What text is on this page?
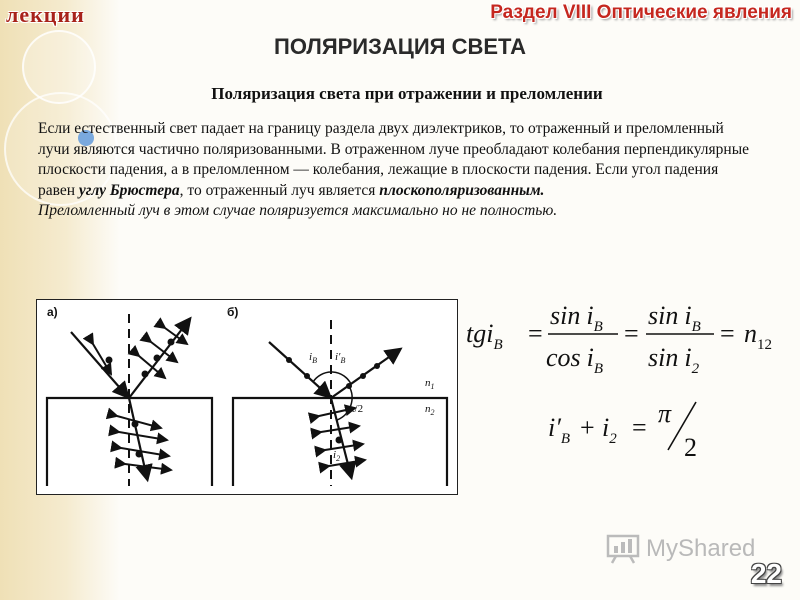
лекции	Раздел VIII Оптические явления
ПОЛЯРИЗАЦИЯ СВЕТА
Поляризация света при отражении и преломлении

Если естественный свет падает на границу раздела двух диэлектриков, то отраженный и преломленный лучи являются частично поляризованными. В отраженном луче преобладают колебания перпендикулярные плоскости падения, а в преломленном — колебания, лежащие в плоскости падения. Если угол падения равен углу Брюстера, то отраженный луч является плоскополяризованным.

Преломленный луч в этом случае поляризуется максимально но не полностью.

а)	б)
$i_B$ $i'_B$
π/2
$i_2$
$n_1$
$n_2$
tgi$_B$ =
$\sin i_B$
$\cos i_B$
=
$\sin i_B$
$\sin i_2$
= $n_{12}$
$i'_B + i_2 = \pi$
2
MyShared
22
